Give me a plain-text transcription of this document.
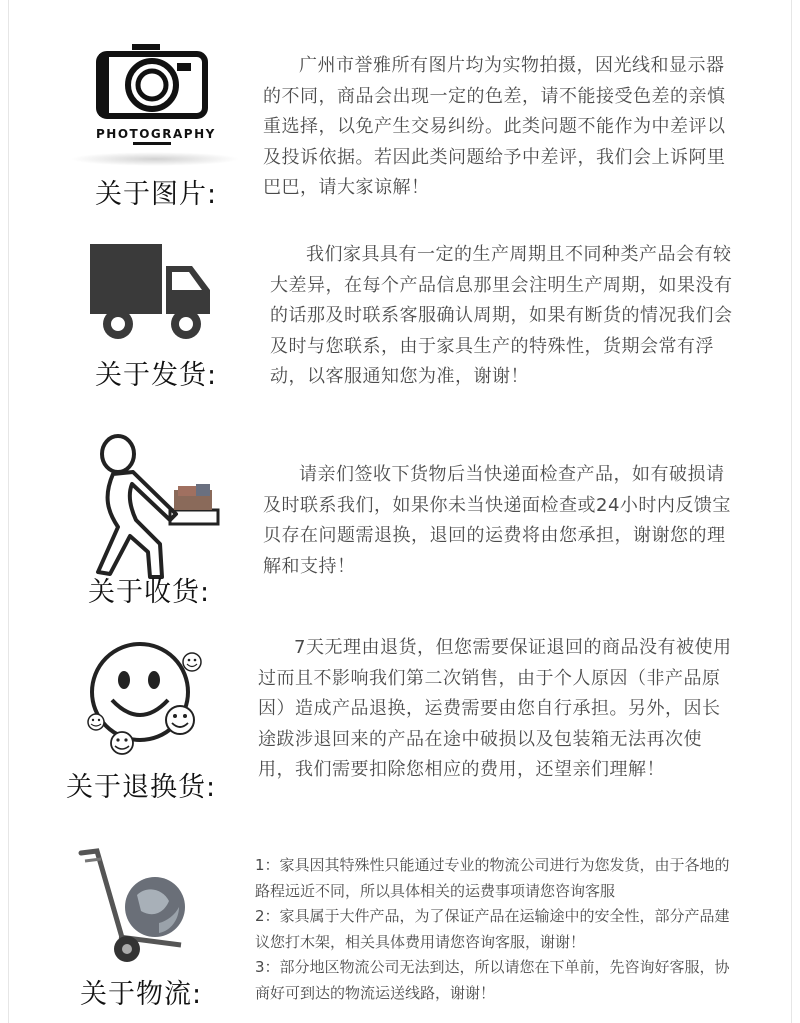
PHOTOGRAPHY
关于图片:

广州市誉雅所有图片均为实物拍摄，因光线和显示器的不同，商品会出现一定的色差，请不能接受色差的亲慎重选择，以免产生交易纠纷。此类问题不能作为中差评以及投诉依据。若因此类问题给予中差评，我们会上诉阿里巴巴，请大家谅解！

关于发货:

我们家具具有一定的生产周期且不同种类产品会有较大差异，在每个产品信息那里会注明生产周期，如果没有的话那及时联系客服确认周期，如果有断货的情况我们会及时与您联系，由于家具生产的特殊性，货期会常有浮动，以客服通知您为准，谢谢！

关于收货:

请亲们签收下货物后当快递面检查产品，如有破损请及时联系我们，如果你未当快递面检查或24小时内反馈宝贝存在问题需退换，退回的运费将由您承担，谢谢您的理解和支持！

关于退换货:

7天无理由退货，但您需要保证退回的商品没有被使用过而且不影响我们第二次销售，由于个人原因（非产品原因）造成产品退换，运费需要由您自行承担。另外，因长途跋涉退回来的产品在途中破损以及包装箱无法再次使用，我们需要扣除您相应的费用，还望亲们理解！

关于物流:
1：家具因其特殊性只能通过专业的物流公司进行为您发货，由于各地的路程远近不同，所以具体相关的运费事项请您咨询客服
2：家具属于大件产品，为了保证产品在运输途中的安全性，部分产品建议您打木架，相关具体费用请您咨询客服，谢谢！
3：部分地区物流公司无法到达，所以请您在下单前，先咨询好客服，协商好可到达的物流运送线路，谢谢！
